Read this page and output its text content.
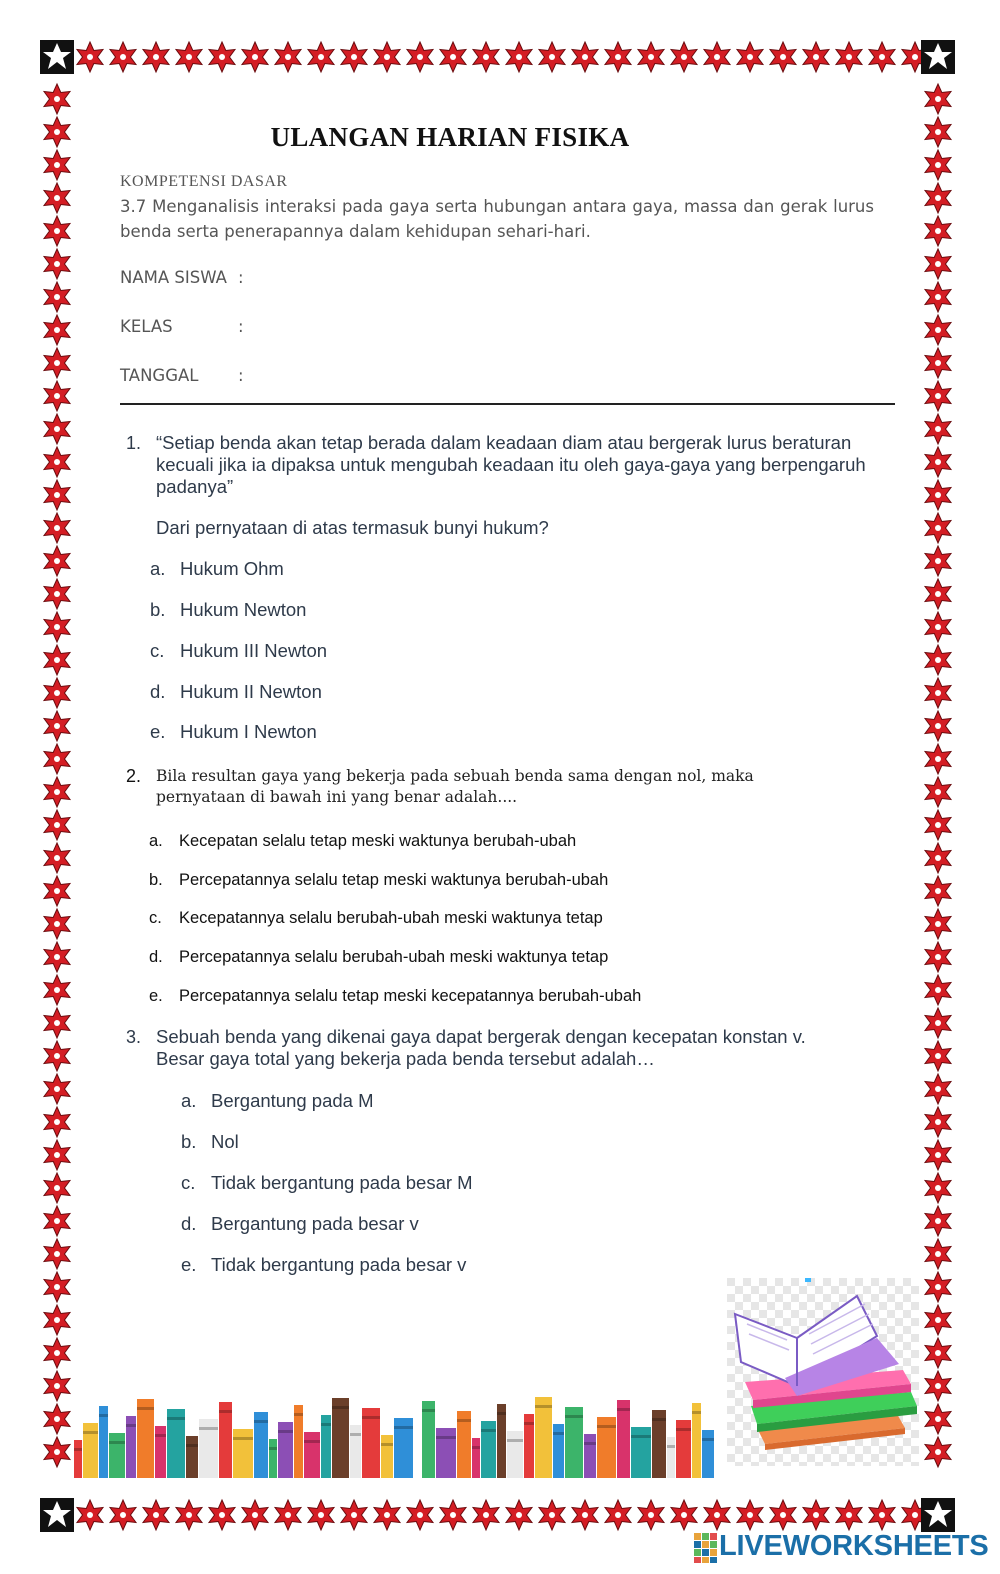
ULANGAN HARIAN FISIKA
KOMPETENSI DASAR
3.7 Menganalisis interaksi pada gaya serta hubungan antara gaya, massa dan gerak lurus benda serta penerapannya dalam kehidupan sehari-hari.
NAMA SISWA :
KELAS	:
TANGGAL :
1. “Setiap benda akan tetap berada dalam keadaan diam atau bergerak lurus beraturan kecuali jika ia dipaksa untuk mengubah keadaan itu oleh gaya-gaya yang berpengaruh padanya”
Dari pernyataan di atas termasuk bunyi hukum?
a. Hukum Ohm
b. Hukum Newton
c. Hukum III Newton
d. Hukum II Newton
e. Hukum I Newton
2. Bila resultan gaya yang bekerja pada sebuah benda sama dengan nol, maka pernyataan di bawah ini yang benar adalah....
a. Kecepatan selalu tetap meski waktunya berubah-ubah
b. Percepatannya selalu tetap meski waktunya berubah-ubah
c. Kecepatannya selalu berubah-ubah meski waktunya tetap
d. Percepatannya selalu berubah-ubah meski waktunya tetap
e. Percepatannya selalu tetap meski kecepatannya berubah-ubah
3. Sebuah benda yang dikenai gaya dapat bergerak dengan kecepatan konstan v. Besar gaya total yang bekerja pada benda tersebut adalah…
a. Bergantung pada M
b. Nol
c. Tidak bergantung pada besar M
d. Bergantung pada besar v
e. Tidak bergantung pada besar v
LIVEWORKSHEETS
